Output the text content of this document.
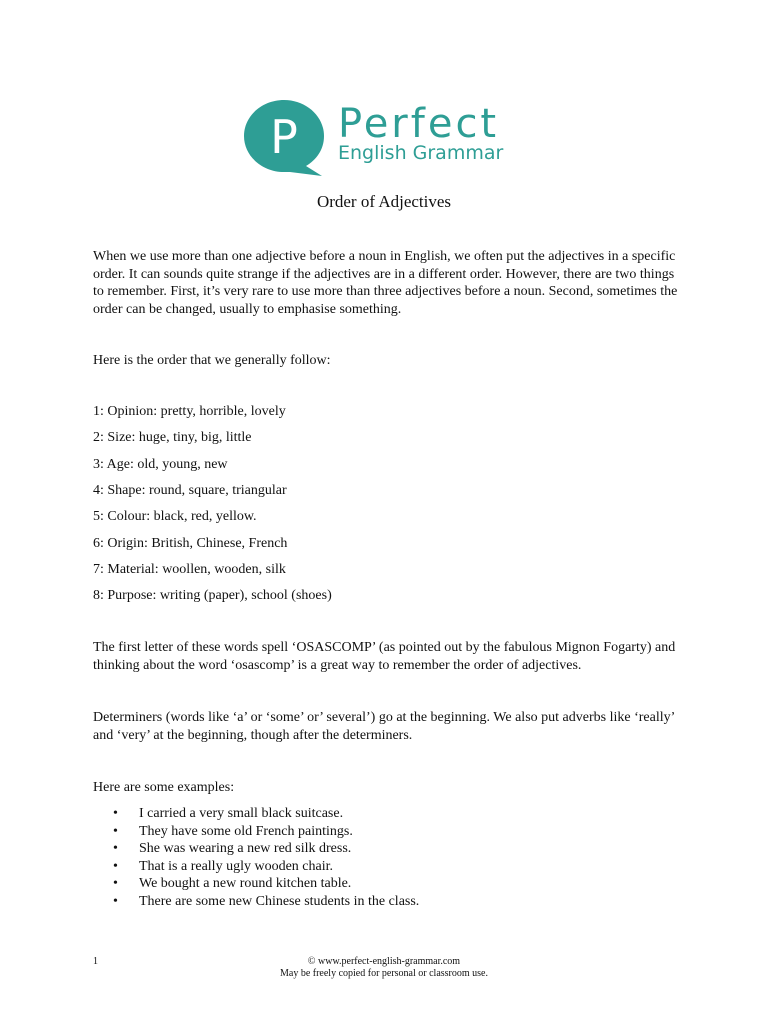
P Perfect
English Grammar
Order of Adjectives

When we use more than one adjective before a noun in English, we often put the adjectives in a specific order. It can sounds quite strange if the adjectives are in a different order. However, there are two things to remember. First, it’s very rare to use more than three adjectives before a noun. Second, sometimes the order can be changed, usually to emphasise something.

Here is the order that we generally follow:
1: Opinion: pretty, horrible, lovely
2: Size: huge, tiny, big, little
3: Age: old, young, new
4: Shape: round, square, triangular
5: Colour: black, red, yellow.
6: Origin: British, Chinese, French
7: Material: woollen, wooden, silk
8: Purpose: writing (paper), school (shoes)

The first letter of these words spell ‘OSASCOMP’ (as pointed out by the fabulous Mignon Fogarty) and thinking about the word ‘osascomp’ is a great way to remember the order of adjectives.

Determiners (words like ‘a’ or ‘some’ or’ several’) go at the beginning. We also put adverbs like ‘really’ and ‘very’ at the beginning, though after the determiners.

Here are some examples:
• I carried a very small black suitcase.
• They have some old French paintings.
• She was wearing a new red silk dress.
• That is a really ugly wooden chair.
• We bought a new round kitchen table.
• There are some new Chinese students in the class.
1	© www.perfect-english-grammar.com
May be freely copied for personal or classroom use.
